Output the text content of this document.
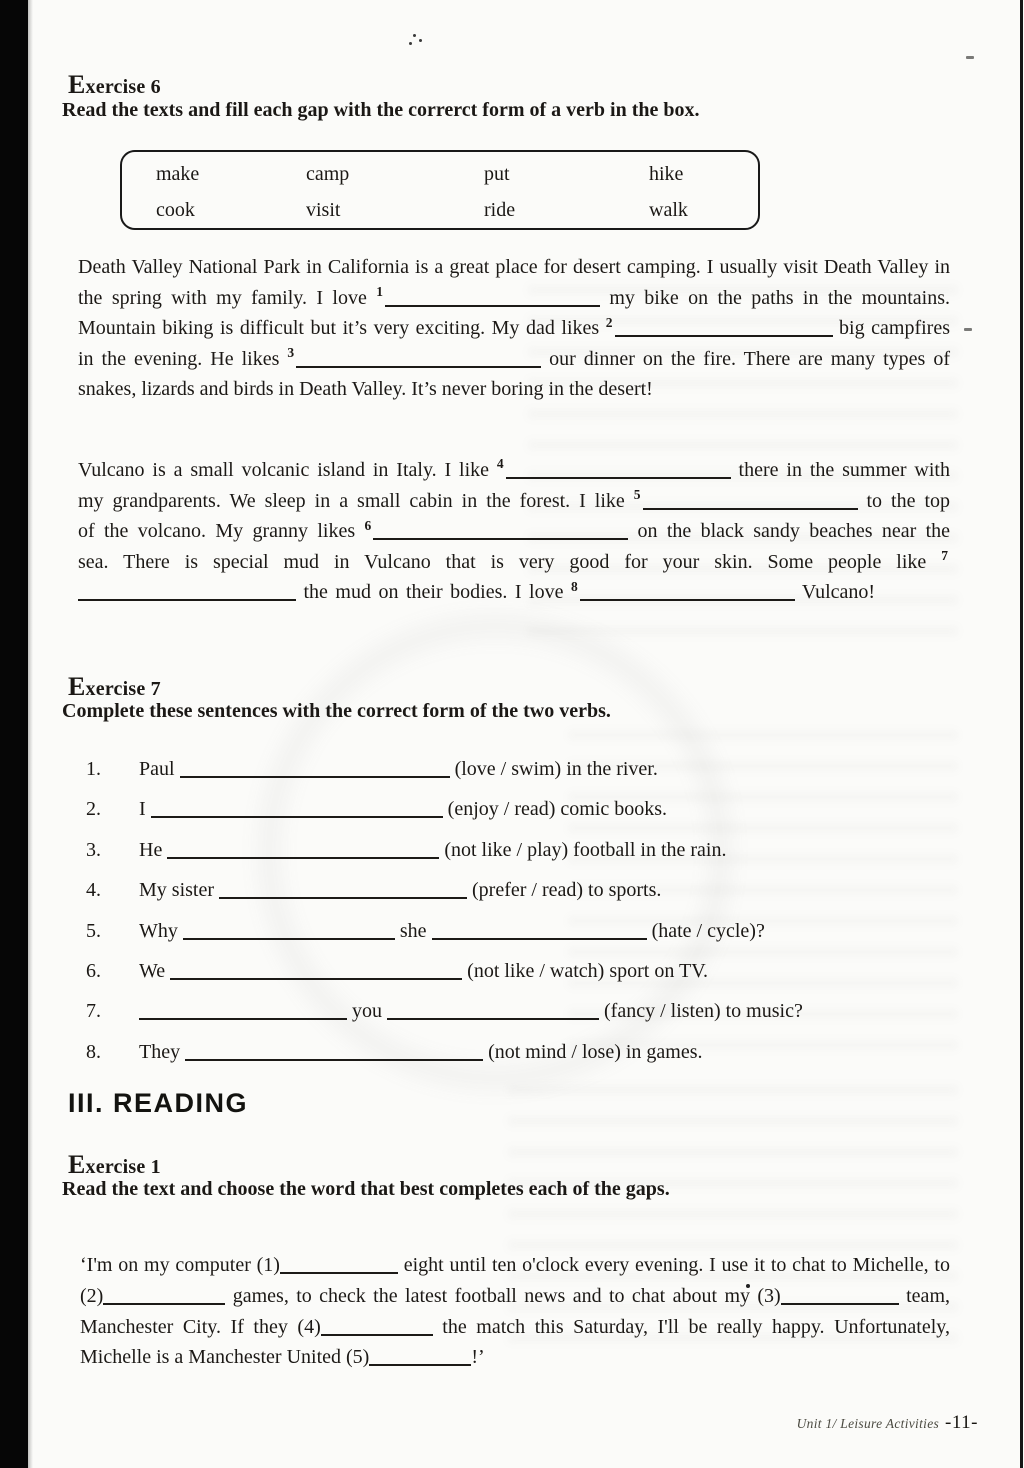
Exercise 6

Read the texts and fill each gap with the correrct form of a verb in the box.

make	camp	put	hike
cook	visit	ride	walk

Death Valley National Park in California is a great place for desert camping. I usually visit Death Valley in the spring with my family. I love $^1$	my bike on the paths in the mountains. Mountain biking is difficult but it’s very exciting. My dad likes $^2$	big campfires in the evening. He likes $^3$	our dinner on the fire. There are many types of snakes, lizards and birds in Death Valley. It’s never boring in the desert!

Vulcano is a small volcanic island in Italy. I like $^4$	there in the summer with my grandparents. We sleep in a small cabin in the forest. I like $^5$	to the top of the volcano. My granny likes $^6$	on the black sandy beaches near the sea. There is special mud in Vulcano that is very good for your skin. Some people like $^7$ the mud on their bodies. I love $^8$	Vulcano!

Exercise 7

Complete these sentences with the correct form of the two verbs.

1.	Paul	(love / swim) in the river.
2.	I	(enjoy / read) comic books.
3.	He	(not like / play) football in the rain.
4.	My sister	(prefer / read) to sports.
5.	Why	she	(hate / cycle)?
6.	We	(not like / watch) sport on TV.
7.	you	(fancy / listen) to music?
8.	They	(not mind / lose) in games.
III. READING
Exercise 1

Read the text and choose the word that best completes each of the gaps.

‘I'm on my computer (1)	eight until ten o'clock every evening. I use it to chat to Michelle, to (2)	games, to check the latest football news and to chat about my (3)	team, Manchester City. If they (4)	the match this Saturday, I'll be really happy. Unfortunately, Michelle is a Manchester United (5)	!’

Unit 1/ Leisure Activities -11-
